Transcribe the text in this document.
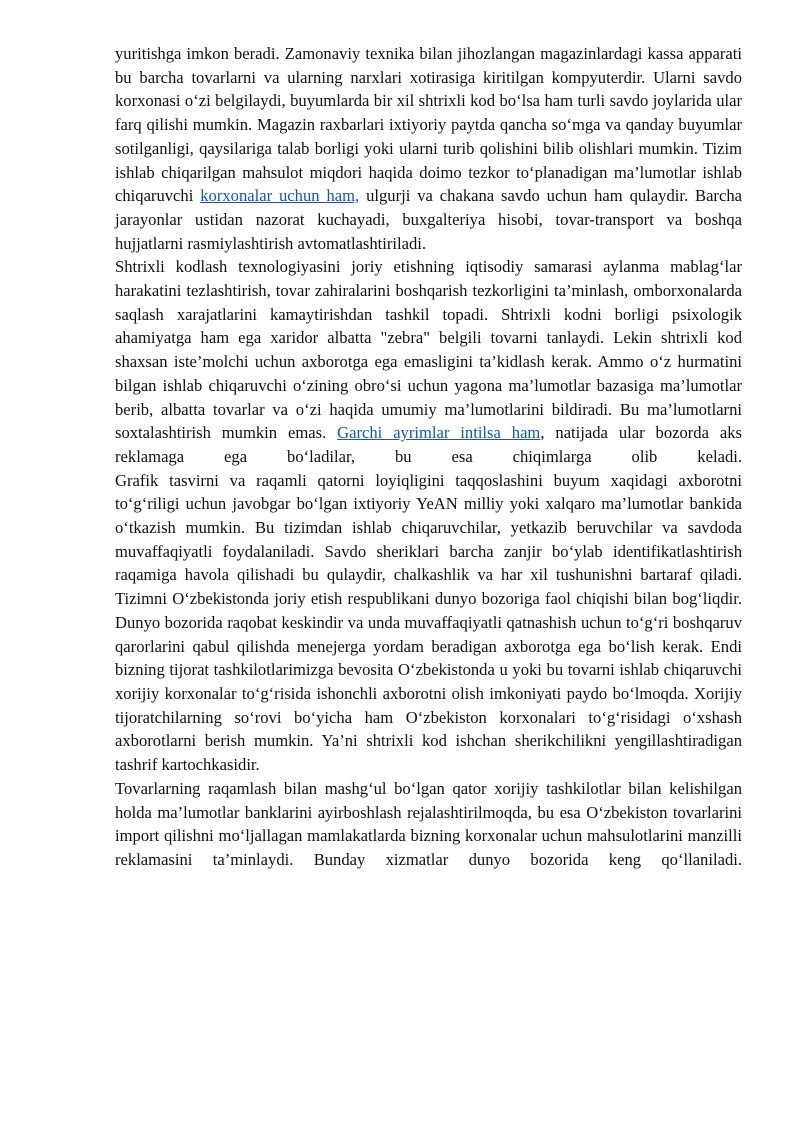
yuritishga imkon beradi. Zamonaviy texnika bilan jihozlangan magazinlardagi kassa apparati bu barcha tovarlarni va ularning narxlari xotirasiga kiritilgan kompyuterdir. Ularni savdo korxonasi o‘zi belgilaydi, buyumlarda bir xil shtrixli kod bo‘lsa ham turli savdo joylarida ular farq qilishi mumkin. Magazin raxbarlari ixtiyoriy paytda qancha so‘mga va qanday buyumlar sotilganligi, qaysilariga talab borligi yoki ularni turib qolishini bilib olishlari mumkin. Tizim ishlab chiqarilgan mahsulot miqdori haqida doimo tezkor to‘planadigan ma’lumotlar ishlab chiqaruvchi korxonalar uchun ham, ulgurji va chakana savdo uchun ham qulaydir. Barcha jarayonlar ustidan nazorat kuchayadi, buxgalteriya hisobi, tovar-transport va boshqa hujjatlarni rasmiylashtirish avtomatlashtiriladi.

Shtrixli kodlash texnologiyasini joriy etishning iqtisodiy samarasi aylanma mablag‘lar harakatini tezlashtirish, tovar zahiralarini boshqarish tezkorligini ta’minlash, omborxonalarda saqlash xarajatlarini kamaytirishdan tashkil topadi. Shtrixli kodni borligi psixologik ahamiyatga ham ega xaridor albatta "zebra" belgili tovarni tanlaydi. Lekin shtrixli kod shaxsan iste’molchi uchun axborotga ega emasligini ta’kidlash kerak. Ammo o‘z hurmatini bilgan ishlab chiqaruvchi o‘zining obro‘si uchun yagona ma’lumotlar bazasiga ma’lumotlar berib, albatta tovarlar va o‘zi haqida umumiy ma’lumotlarini bildiradi. Bu ma’lumotlarni soxtalashtirish mumkin emas. Garchi ayrimlar intilsa ham, natijada ular bozorda aks reklamaga ega bo‘ladilar, bu esa chiqimlarga olib keladi.

Grafik tasvirni va raqamli qatorni loyiqligini taqqoslashini buyum xaqidagi axborotni to‘g‘riligi uchun javobgar bo‘lgan ixtiyoriy YeAN milliy yoki xalqaro ma’lumotlar bankida o‘tkazish mumkin. Bu tizimdan ishlab chiqaruvchilar, yetkazib beruvchilar va savdoda muvaffaqiyatli foydalaniladi. Savdo sheriklari barcha zanjir bo‘ylab identifikatlashtirish raqamiga havola qilishadi bu qulaydir, chalkashlik va har xil tushunishni bartaraf qiladi.

Tizimni O‘zbekistonda joriy etish respublikani dunyo bozoriga faol chiqishi bilan bog‘liqdir. Dunyo bozorida raqobat keskindir va unda muvaffaqiyatli qatnashish uchun to‘g‘ri boshqaruv qarorlarini qabul qilishda menejerga yordam beradigan axborotga ega bo‘lish kerak. Endi bizning tijorat tashkilotlarimizga bevosita O‘zbekistonda u yoki bu tovarni ishlab chiqaruvchi xorijiy korxonalar to‘g‘risida ishonchli axborotni olish imkoniyati paydo bo‘lmoqda. Xorijiy tijoratchilarning so‘rovi bo‘yicha ham O‘zbekiston korxonalari to‘g‘risidagi o‘xshash axborotlarni berish mumkin. Ya’ni shtrixli kod ishchan sherikchilikni yengillashtiradigan tashrif kartochkasidir.

Tovarlarning raqamlash bilan mashg‘ul bo‘lgan qator xorijiy tashkilotlar bilan kelishilgan holda ma’lumotlar banklarini ayirboshlash rejalashtirilmoqda, bu esa O‘zbekiston tovarlarini import qilishni mo‘ljallagan mamlakatlarda bizning korxonalar uchun mahsulotlarini manzilli reklamasini ta’minlaydi. Bunday xizmatlar dunyo bozorida keng qo‘llaniladi.
